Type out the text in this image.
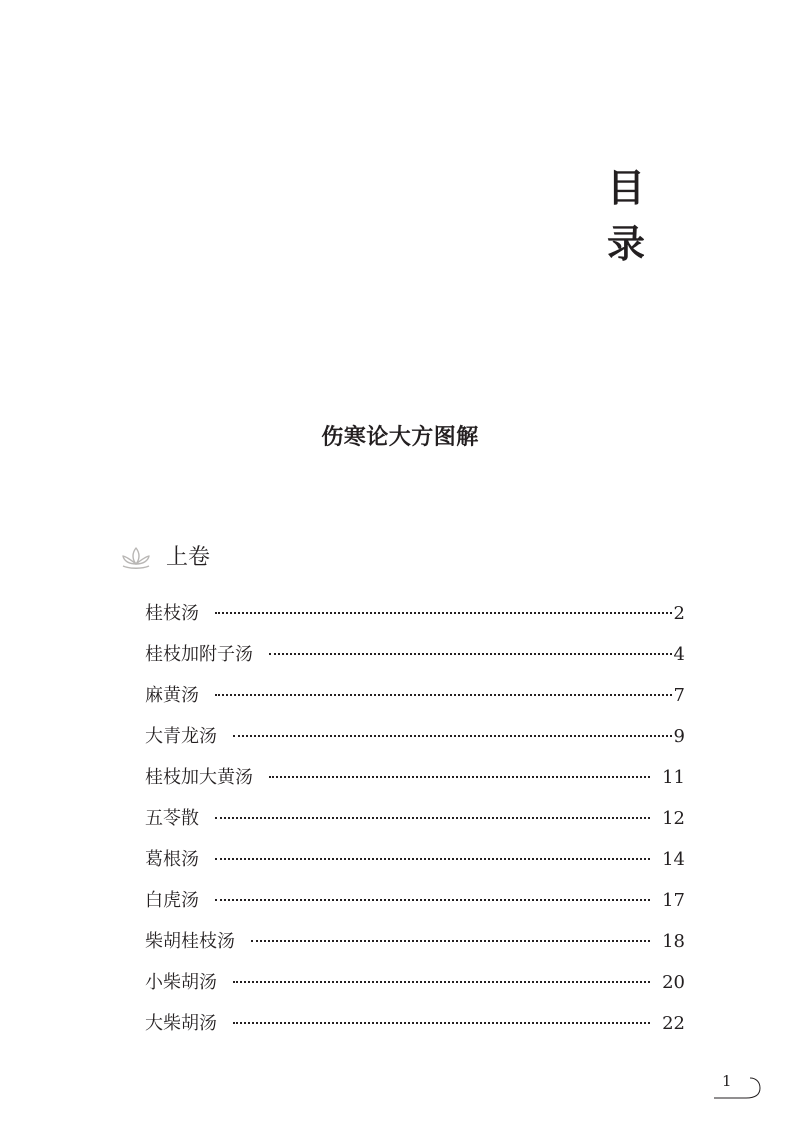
目
录
伤寒论大方图解
上卷
桂枝汤	2
桂枝加附子汤	4
麻黄汤	7
大青龙汤	9
桂枝加大黄汤	11
五苓散	12
葛根汤	14
白虎汤	17
柴胡桂枝汤	18
小柴胡汤	20
大柴胡汤	22
1
